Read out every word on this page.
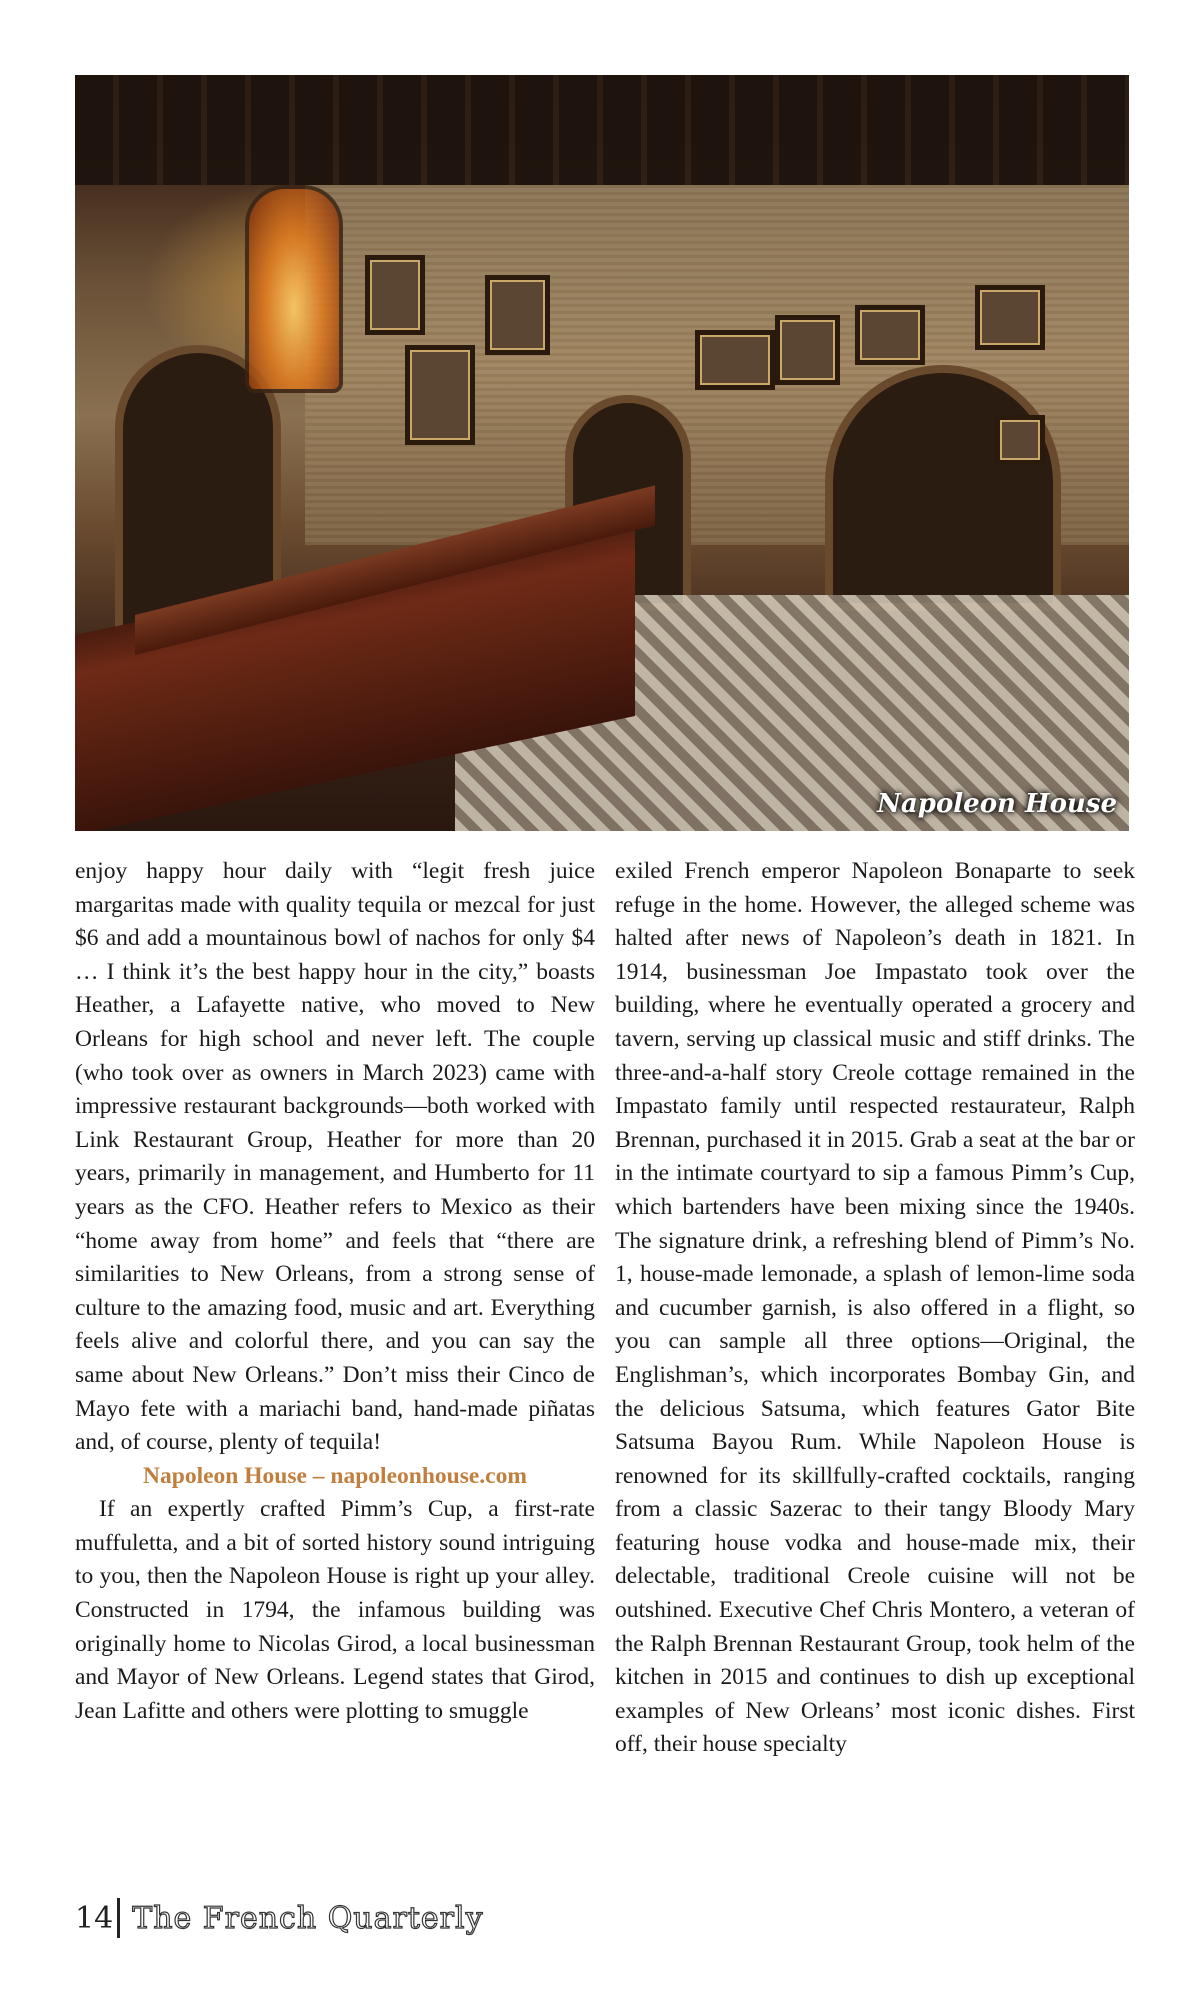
Napoleon House

enjoy happy hour daily with “legit fresh juice margaritas made with quality tequila or mezcal for just $6 and add a mountainous bowl of nachos for only $4 … I think it’s the best happy hour in the city,” boasts Heather, a Lafayette native, who moved to New Orleans for high school and never left. The couple (who took over as owners in March 2023) came with impressive restaurant backgrounds—both worked with Link Restaurant Group, Heather for more than 20 years, primarily in management, and Humberto for 11 years as the CFO. Heather refers to Mexico as their “home away from home” and feels that “there are similarities to New Orleans, from a strong sense of culture to the amazing food, music and art. Everything feels alive and colorful there, and you can say the same about New Orleans.” Don’t miss their Cinco de Mayo fete with a mariachi band, hand-made piñatas and, of course, plenty of tequila!

Napoleon House – napoleonhouse.com

If an expertly crafted Pimm’s Cup, a first-rate muffuletta, and a bit of sorted history sound intriguing to you, then the Napoleon House is right up your alley. Constructed in 1794, the infamous building was originally home to Nicolas Girod, a local businessman and Mayor of New Orleans. Legend states that Girod, Jean Lafitte and others were plotting to smuggle

exiled French emperor Napoleon Bonaparte to seek refuge in the home. However, the alleged scheme was halted after news of Napoleon’s death in 1821. In 1914, businessman Joe Impastato took over the building, where he eventually operated a grocery and tavern, serving up classical music and stiff drinks. The three-and-a-half story Creole cottage remained in the Impastato family until respected restaurateur, Ralph Brennan, purchased it in 2015. Grab a seat at the bar or in the intimate courtyard to sip a famous Pimm’s Cup, which bartenders have been mixing since the 1940s. The signature drink, a refreshing blend of Pimm’s No. 1, house-made lemonade, a splash of lemon-lime soda and cucumber garnish, is also offered in a flight, so you can sample all three options—Original, the Englishman’s, which incorporates Bombay Gin, and the delicious Satsuma, which features Gator Bite Satsuma Bayou Rum. While Napoleon House is renowned for its skillfully-crafted cocktails, ranging from a classic Sazerac to their tangy Bloody Mary featuring house vodka and house-made mix, their delectable, traditional Creole cuisine will not be outshined. Executive Chef Chris Montero, a veteran of the Ralph Brennan Restaurant Group, took helm of the kitchen in 2015 and continues to dish up exceptional examples of New Orleans’ most iconic dishes. First off, their house specialty

14 The French Quarterly
